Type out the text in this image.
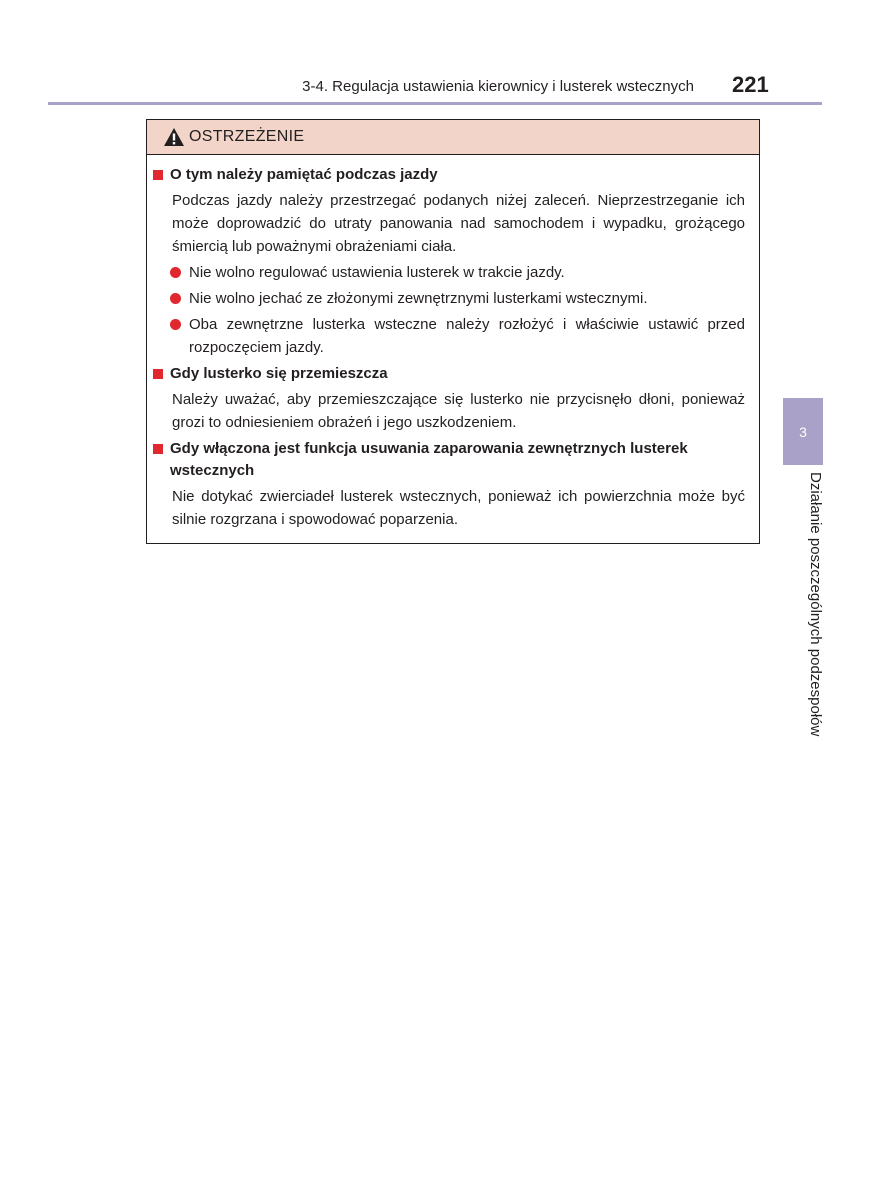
3-4. Regulacja ustawienia kierownicy i lusterek wstecznych 221
OSTRZEŻENIE
O tym należy pamiętać podczas jazdy
Podczas jazdy należy przestrzegać podanych niżej zaleceń. Nieprzestrzeganie ich może doprowadzić do utraty panowania nad samochodem i wypadku, grożącego śmiercią lub poważnymi obrażeniami ciała.
Nie wolno regulować ustawienia lusterek w trakcie jazdy.
Nie wolno jechać ze złożonymi zewnętrznymi lusterkami wstecznymi.
Oba zewnętrzne lusterka wsteczne należy rozłożyć i właściwie ustawić przed rozpoczęciem jazdy.
Gdy lusterko się przemieszcza
Należy uważać, aby przemieszczające się lusterko nie przycisnęło dłoni, ponieważ grozi to odniesieniem obrażeń i jego uszkodzeniem.
Gdy włączona jest funkcja usuwania zaparowania zewnętrznych lusterek wstecznych
Nie dotykać zwierciadeł lusterek wstecznych, ponieważ ich powierzchnia może być silnie rozgrzana i spowodować poparzenia.
3
Działanie poszczególnych podzespołów
